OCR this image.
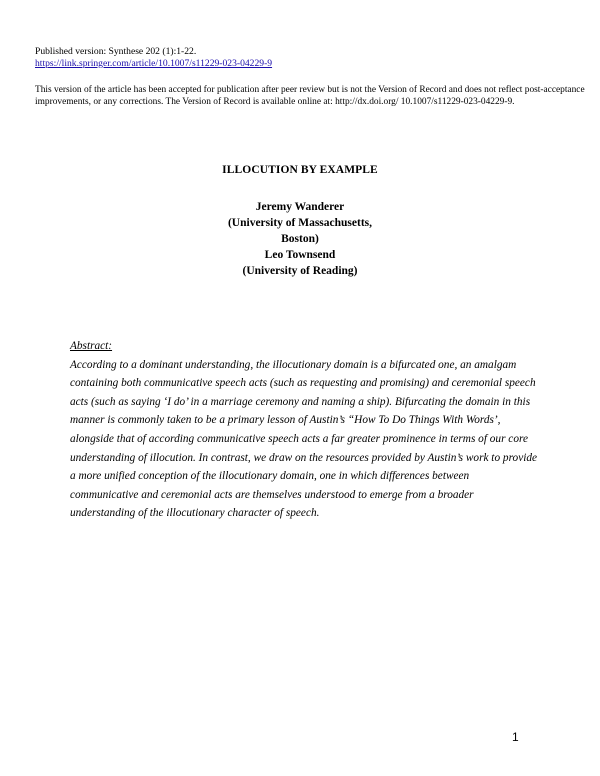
Published version: Synthese 202 (1):1-22.
https://link.springer.com/article/10.1007/s11229-023-04229-9
This version of the article has been accepted for publication after peer review but is not the Version of Record and does not reflect post-acceptance improvements, or any corrections. The Version of Record is available online at: http://dx.doi.org/ 10.1007/s11229-023-04229-9.
ILLOCUTION BY EXAMPLE
Jeremy Wanderer
(University of Massachusetts,
Boston)
Leo Townsend
(University of Reading)
Abstract:
According to a dominant understanding, the illocutionary domain is a bifurcated one, an amalgam containing both communicative speech acts (such as requesting and promising) and ceremonial speech acts (such as saying ‘I do’ in a marriage ceremony and naming a ship). Bifurcating the domain in this manner is commonly taken to be a primary lesson of Austin’s “How To Do Things With Words’, alongside that of according communicative speech acts a far greater prominence in terms of our core understanding of illocution. In contrast, we draw on the resources provided by Austin’s work to provide a more unified conception of the illocutionary domain, one in which differences between communicative and ceremonial acts are themselves understood to emerge from a broader understanding of the illocutionary character of speech.
1
